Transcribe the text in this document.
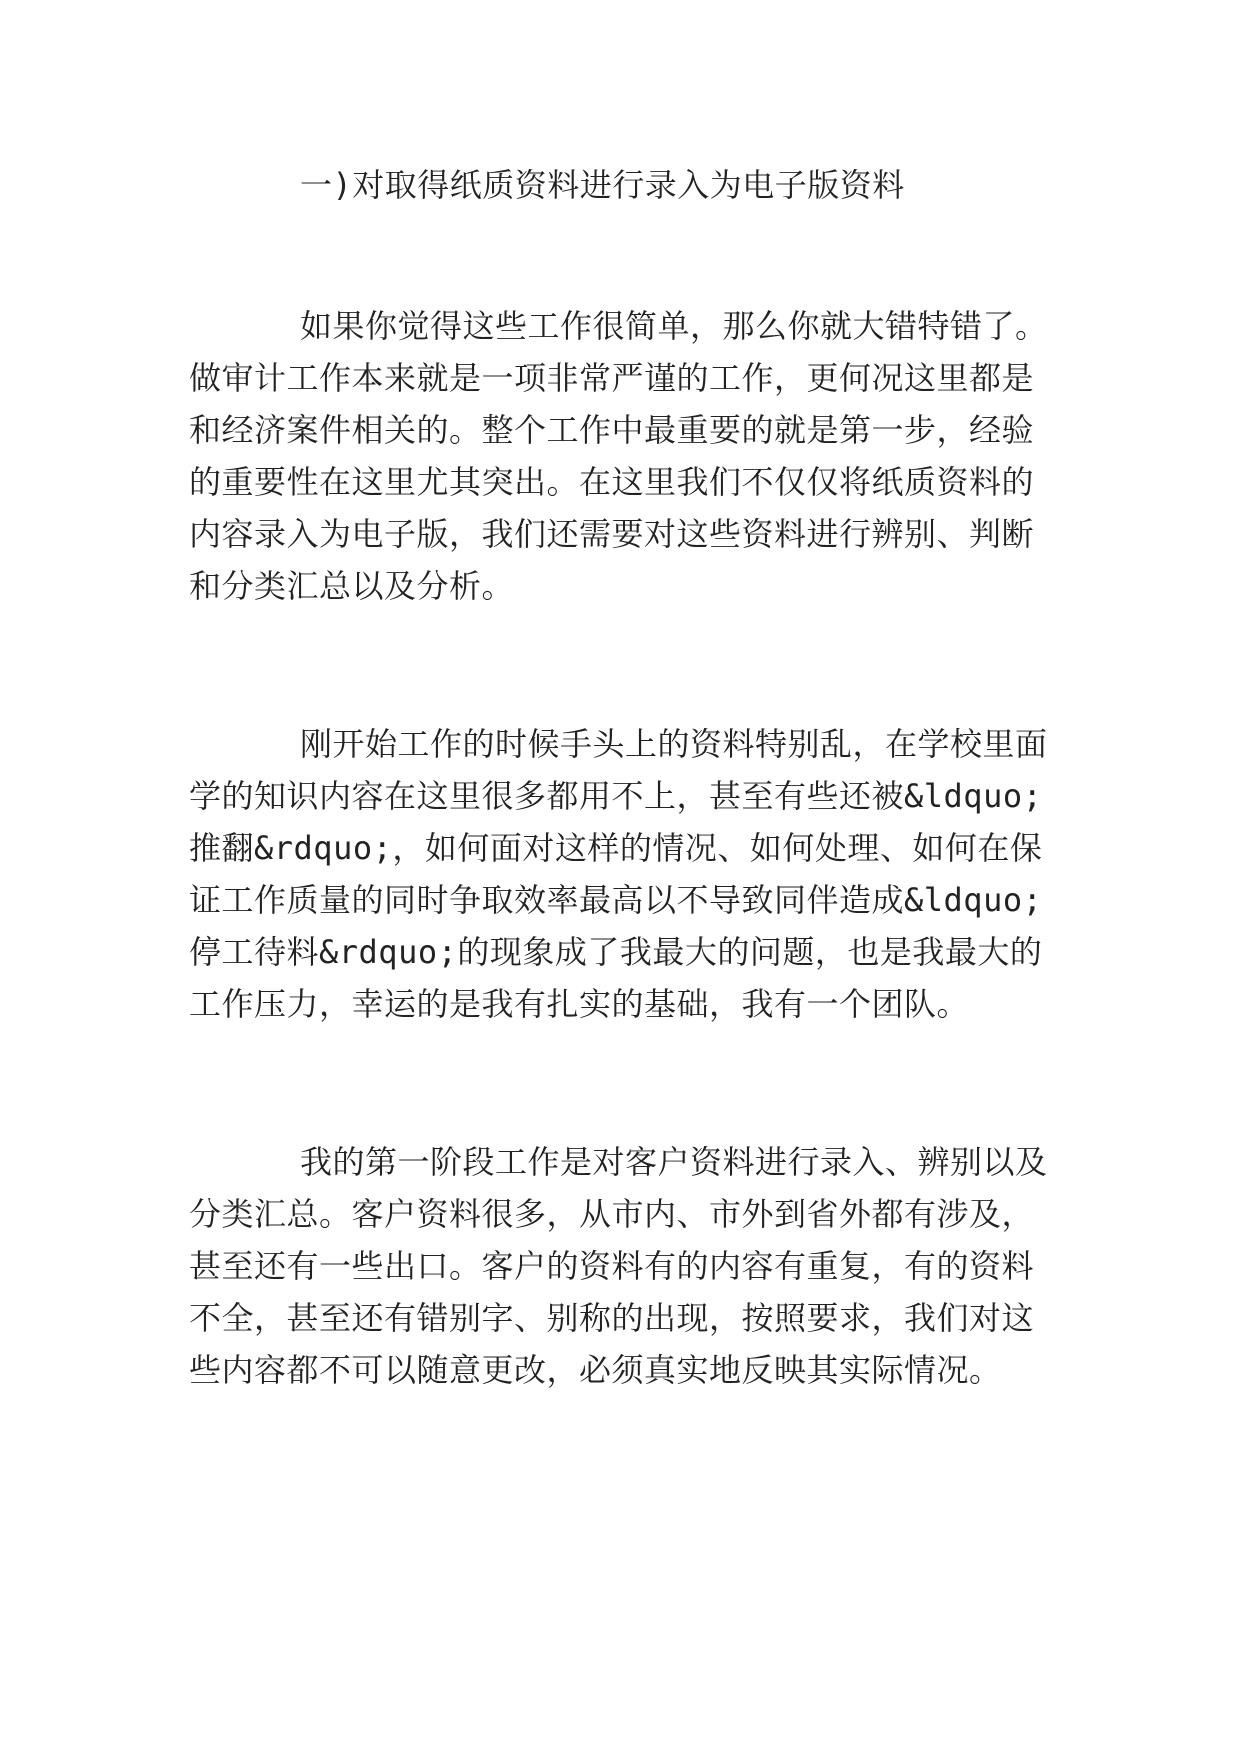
一)对取得纸质资料进行录入为电子版资料
如果你觉得这些工作很简单，那么你就大错特错了。
做审计工作本来就是一项非常严谨的工作，更何况这里都是
和经济案件相关的。整个工作中最重要的就是第一步，经验
的重要性在这里尤其突出。在这里我们不仅仅将纸质资料的
内容录入为电子版，我们还需要对这些资料进行辨别、判断
和分类汇总以及分析。
刚开始工作的时候手头上的资料特别乱，在学校里面
学的知识内容在这里很多都用不上，甚至有些还被&ldquo;
推翻&rdquo;，如何面对这样的情况、如何处理、如何在保
证工作质量的同时争取效率最高以不导致同伴造成&ldquo;
停工待料&rdquo;的现象成了我最大的问题，也是我最大的
工作压力，幸运的是我有扎实的基础，我有一个团队。
我的第一阶段工作是对客户资料进行录入、辨别以及
分类汇总。客户资料很多，从市内、市外到省外都有涉及，
甚至还有一些出口。客户的资料有的内容有重复，有的资料
不全，甚至还有错别字、别称的出现，按照要求，我们对这
些内容都不可以随意更改，必须真实地反映其实际情况。
